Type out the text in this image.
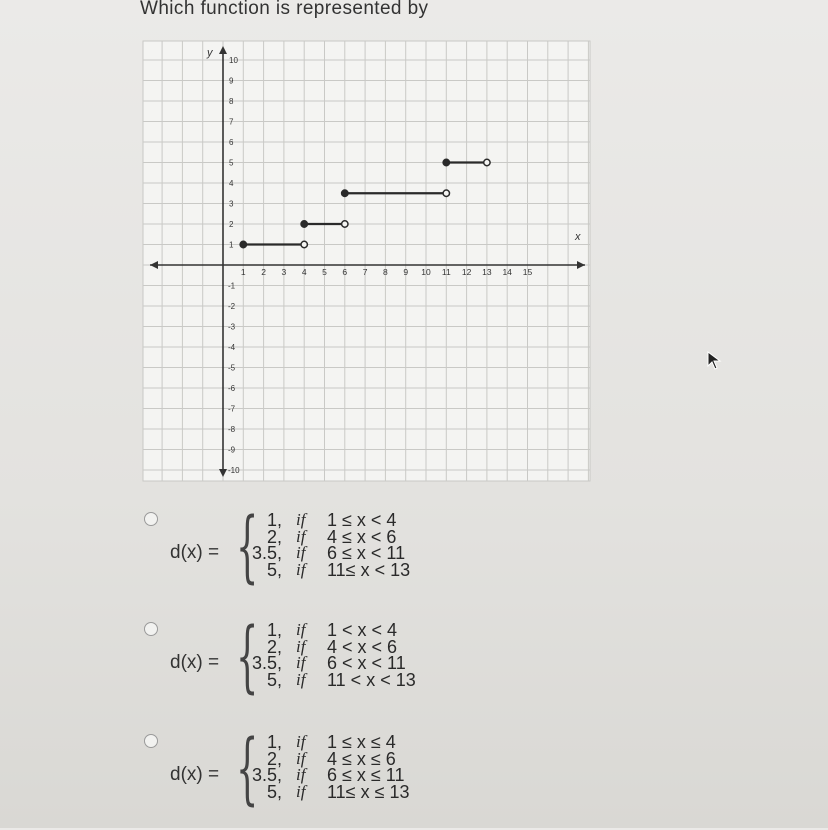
Which function is represented by
1 2 3 4 5 6 7 8 9 10 11 12 13 14 15
1
2
3
4
5
6
7
8
9
10
-1
-2
-3
-4
-5
-6
-7
-8
-9
-10
x
y
d(x) = { 1, if 1 ≤ x < 4
2, if 4 ≤ x < 6
3.5, if 6 ≤ x < 11
5, if 11≤ x < 13
d(x) = { 1, if 1 < x < 4
2, if 4 < x < 6
3.5, if 6 < x < 11
5, if 11 < x < 13
d(x) = { 1, if 1 ≤ x ≤ 4
2, if 4 ≤ x ≤ 6
3.5, if 6 ≤ x ≤ 11
5, if 11≤ x ≤ 13
